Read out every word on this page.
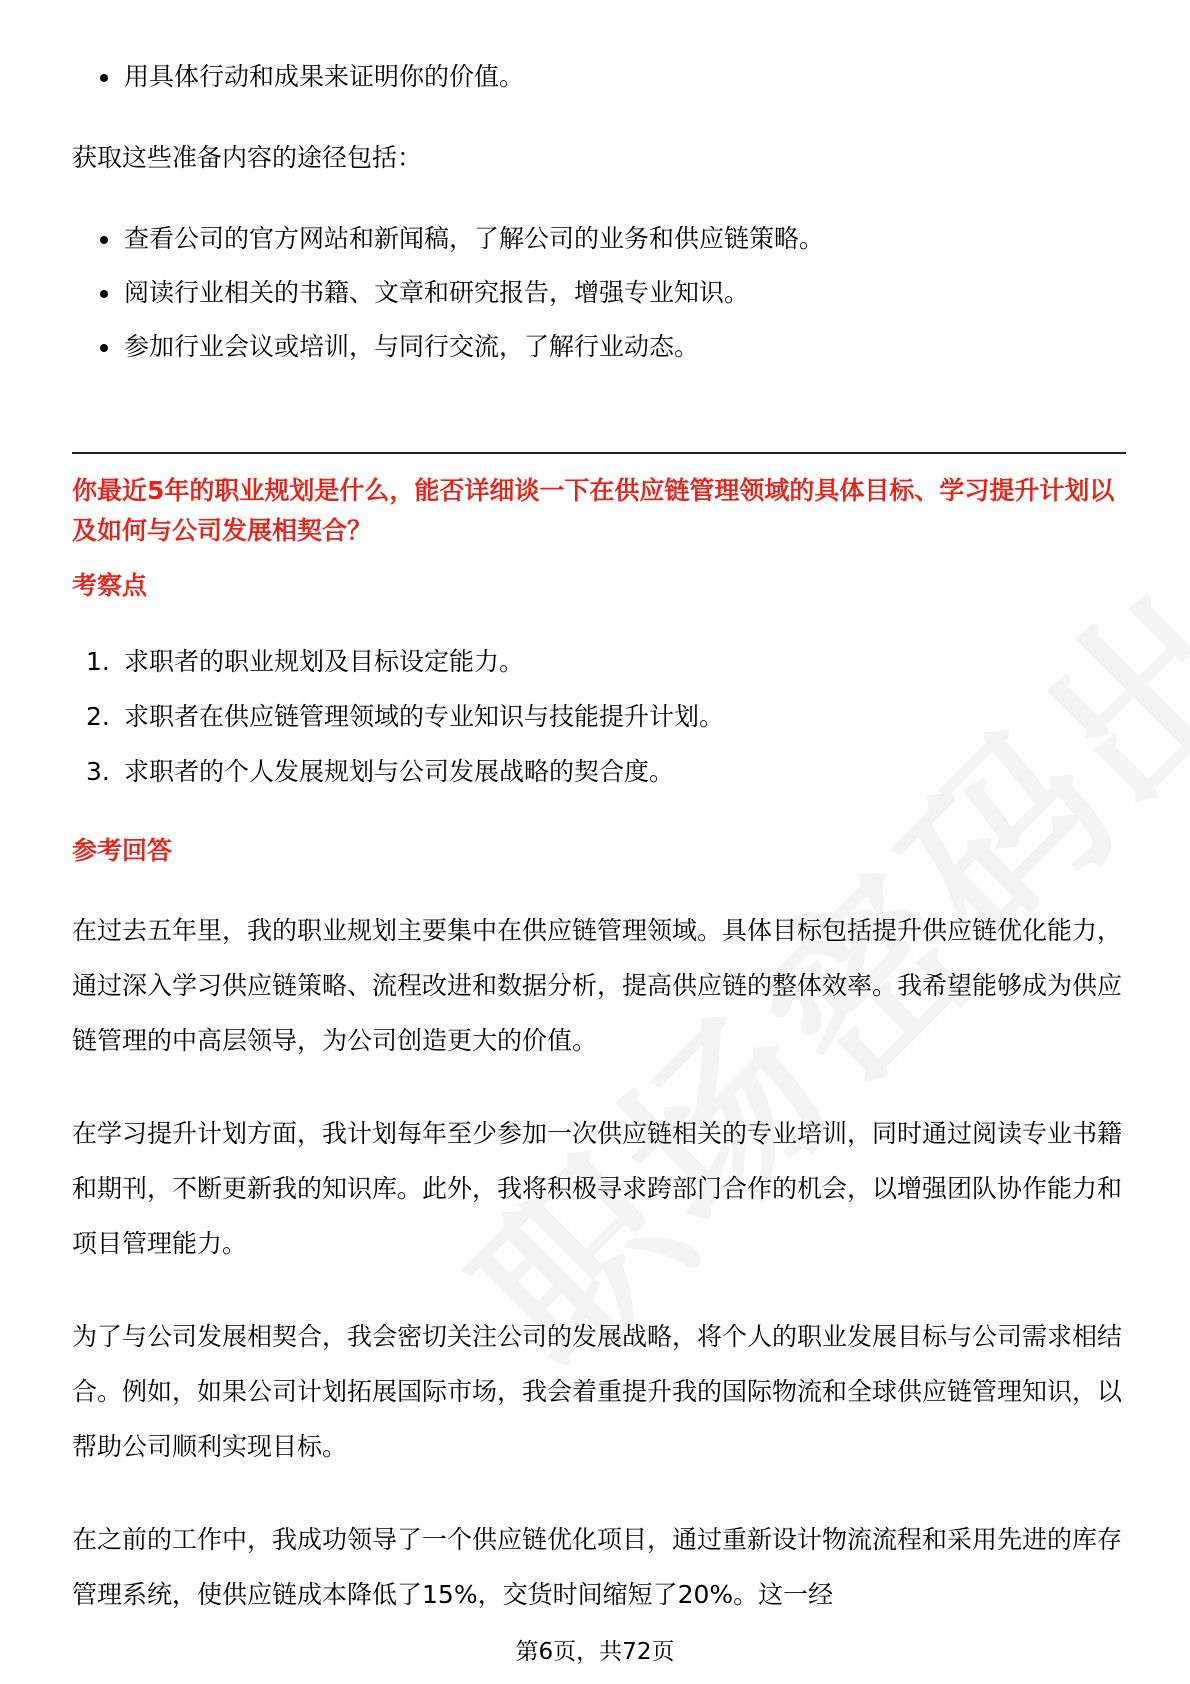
用具体行动和成果来证明你的价值。
获取这些准备内容的途径包括：
查看公司的官方网站和新闻稿，了解公司的业务和供应链策略。
阅读行业相关的书籍、文章和研究报告，增强专业知识。
参加行业会议或培训，与同行交流，了解行业动态。
你最近5年的职业规划是什么，能否详细谈一下在供应链管理领域的具体目标、学习提升计划以及如何与公司发展相契合？
考察点
1. 求职者的职业规划及目标设定能力。
2. 求职者在供应链管理领域的专业知识与技能提升计划。
3. 求职者的个人发展规划与公司发展战略的契合度。
参考回答
在过去五年里，我的职业规划主要集中在供应链管理领域。具体目标包括提升供应链优化能力，通过深入学习供应链策略、流程改进和数据分析，提高供应链的整体效率。我希望能够成为供应链管理的中高层领导，为公司创造更大的价值。
在学习提升计划方面，我计划每年至少参加一次供应链相关的专业培训，同时通过阅读专业书籍和期刊，不断更新我的知识库。此外，我将积极寻求跨部门合作的机会，以增强团队协作能力和项目管理能力。
为了与公司发展相契合，我会密切关注公司的发展战略，将个人的职业发展目标与公司需求相结合。例如，如果公司计划拓展国际市场，我会着重提升我的国际物流和全球供应链管理知识，以帮助公司顺利实现目标。
在之前的工作中，我成功领导了一个供应链优化项目，通过重新设计物流流程和采用先进的库存管理系统，使供应链成本降低了15%，交货时间缩短了20%。这一经
第6页，共72页
